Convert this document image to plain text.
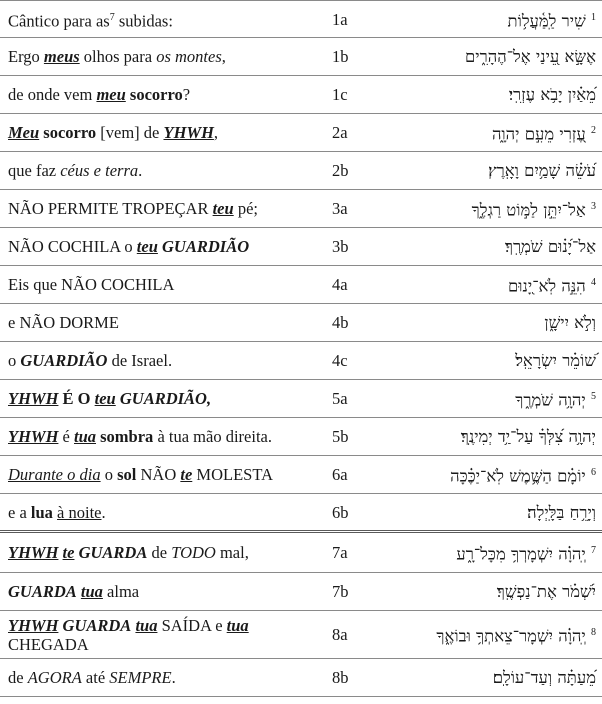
Cântico para $as^7$ subidas:	1a	$^1$ שִׁיר לַֽמַּ֫עֲל֥וֹת
Ergo meus olhos para os montes,	1b	אֶשָּׂ֣א עֵ֭ינַי אֶל־הֶהָרִ֑ים
de onde vem meu socorro?	1c	מֵ֝אַ֗יִן יָבֹ֥א עֶזְרִֽי׃
Meu socorro [vem] de YHWH,	2a	$^2$ עֶ֭זְרִי מֵעִ֣ם יְהוָ֑ה
que faz céus e terra.	2b	עֹ֝שֵׂ֗ה שָׁמַ֥יִם וָאָֽרֶץ׃
NÃO PERMITE TROPEÇAR teu pé;	3a	$^3$ אַל־יִתֵּ֣ן לַמּ֣וֹט רַגְלֶ֑ךָ
NÃO COCHILA o teu GUARDIÃO	3b	אַל־יָ֝נ֗וּם שֹׁמְרֶֽךָ׃
Eis que NÃO COCHILA	4a	$^4$ הִנֵּ֣ה לֹֽא־יָ֭נוּם
e NÃO DORME	4b	וְלֹ֣א יִישָׁ֑ן
o GUARDIÃO de Israel.	4c	שׁ֝וֹמֵ֗ר יִשְׂרָאֵֽל׃
YHWH É O teu GUARDIÃO,	5a	$^5$ יְהוָ֥ה שֹׁמְרֶ֑ךָ
YHWH é tua sombra à tua mão direita.	5b	יְהוָ֥ה צִ֝לְּךָ֗ עַל־יַ֥ד יְמִינֶֽךָ׃
Durante o dia o sol NÃO te MOLESTA	6a	$^6$ יוֹמָ֗ם הַשֶּׁ֥מֶשׁ לֹֽא־יַכֶּ֗כָּה
e a lua à noite.	6b	וְיָרֵ֥חַ בַּלָּֽיְלָה׃
YHWH te GUARDA de TODO mal,	7a	$^7$ יְֽהוָ֗ה יִשְׁמָרְךָ֥ מִכָּל־רָ֑ע
GUARDA tua alma	7b	יִ֝שְׁמֹ֗ר אֶת־נַפְשֶֽׁךָ׃
YHWH GUARDA tua SAÍDA e tua CHEGADA	8a	$^8$ יְֽהוָ֗ה יִשְׁמָר־צֵאתְךָ֥ וּבוֹאֶ֑ךָ
de AGORA até SEMPRE.	8b	מֵ֝עַתָּ֗ה וְעַד־עוֹלָֽם׃
